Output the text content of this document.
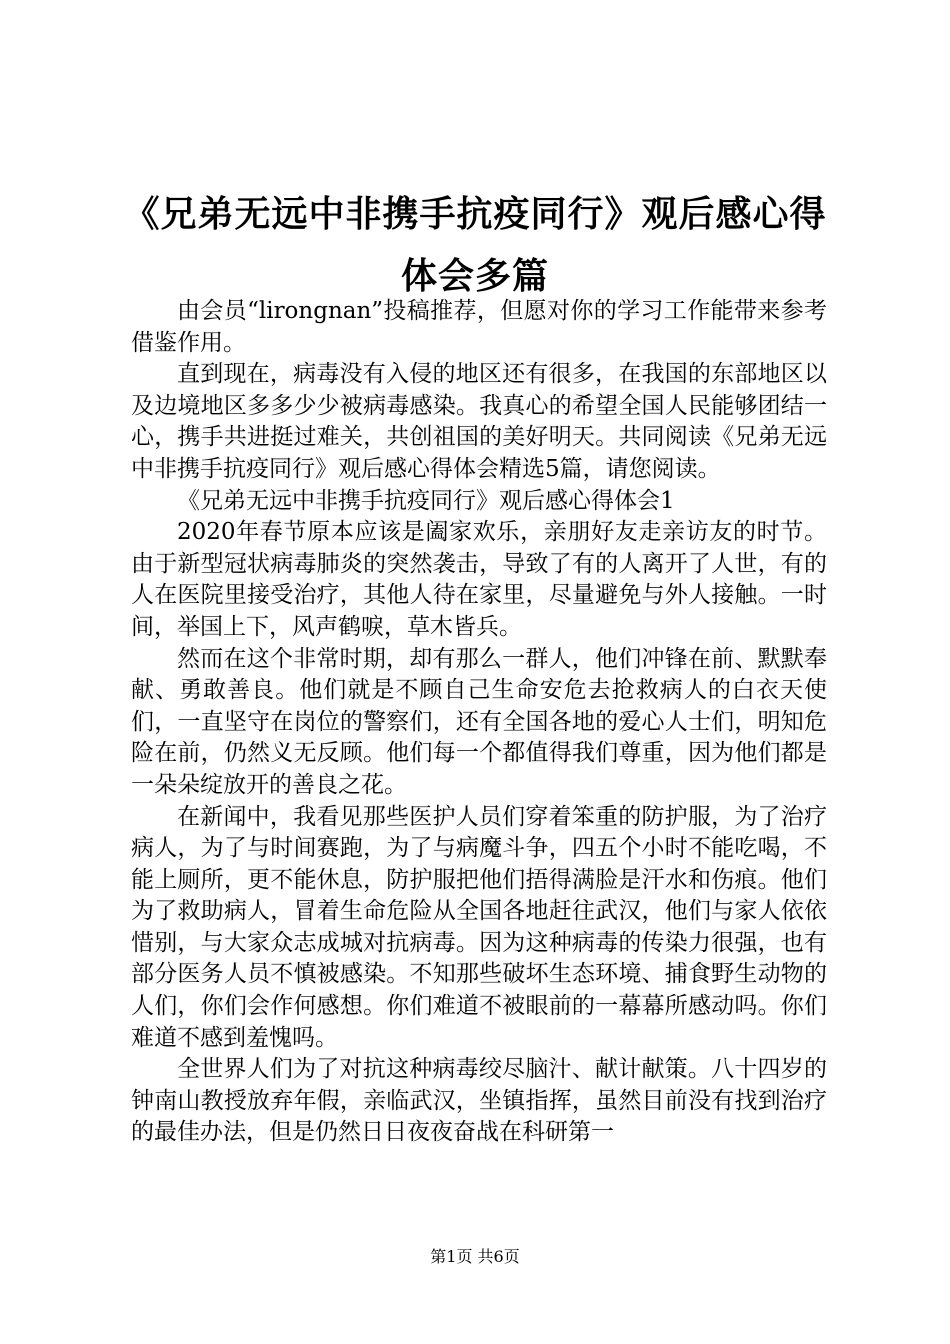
《兄弟无远中非携手抗疫同行》观后感心得体会多篇

由会员“lirongnan”投稿推荐，但愿对你的学习工作能带来参考借鉴作用。

直到现在，病毒没有入侵的地区还有很多，在我国的东部地区以及边境地区多多少少被病毒感染。我真心的希望全国人民能够团结一心，携手共进挺过难关，共创祖国的美好明天。共同阅读《兄弟无远中非携手抗疫同行》观后感心得体会精选5篇，请您阅读。

《兄弟无远中非携手抗疫同行》观后感心得体会1

2020年春节原本应该是阖家欢乐，亲朋好友走亲访友的时节。由于新型冠状病毒肺炎的突然袭击，导致了有的人离开了人世，有的人在医院里接受治疗，其他人待在家里，尽量避免与外人接触。一时间，举国上下，风声鹤唳，草木皆兵。

然而在这个非常时期，却有那么一群人，他们冲锋在前、默默奉献、勇敢善良。他们就是不顾自己生命安危去抢救病人的白衣天使们，一直坚守在岗位的警察们，还有全国各地的爱心人士们，明知危险在前，仍然义无反顾。他们每一个都值得我们尊重，因为他们都是一朵朵绽放开的善良之花。

在新闻中，我看见那些医护人员们穿着笨重的防护服，为了治疗病人，为了与时间赛跑，为了与病魔斗争，四五个小时不能吃喝，不能上厕所，更不能休息，防护服把他们捂得满脸是汗水和伤痕。他们为了救助病人，冒着生命危险从全国各地赶往武汉，他们与家人依依惜别，与大家众志成城对抗病毒。因为这种病毒的传染力很强，也有部分医务人员不慎被感染。不知那些破坏生态环境、捕食野生动物的人们，你们会作何感想。你们难道不被眼前的一幕幕所感动吗。你们难道不感到羞愧吗。

全世界人们为了对抗这种病毒绞尽脑汁、献计献策。八十四岁的钟南山教授放弃年假，亲临武汉，坐镇指挥，虽然目前没有找到治疗的最佳办法，但是仍然日日夜夜奋战在科研第一

第1页 共6页
